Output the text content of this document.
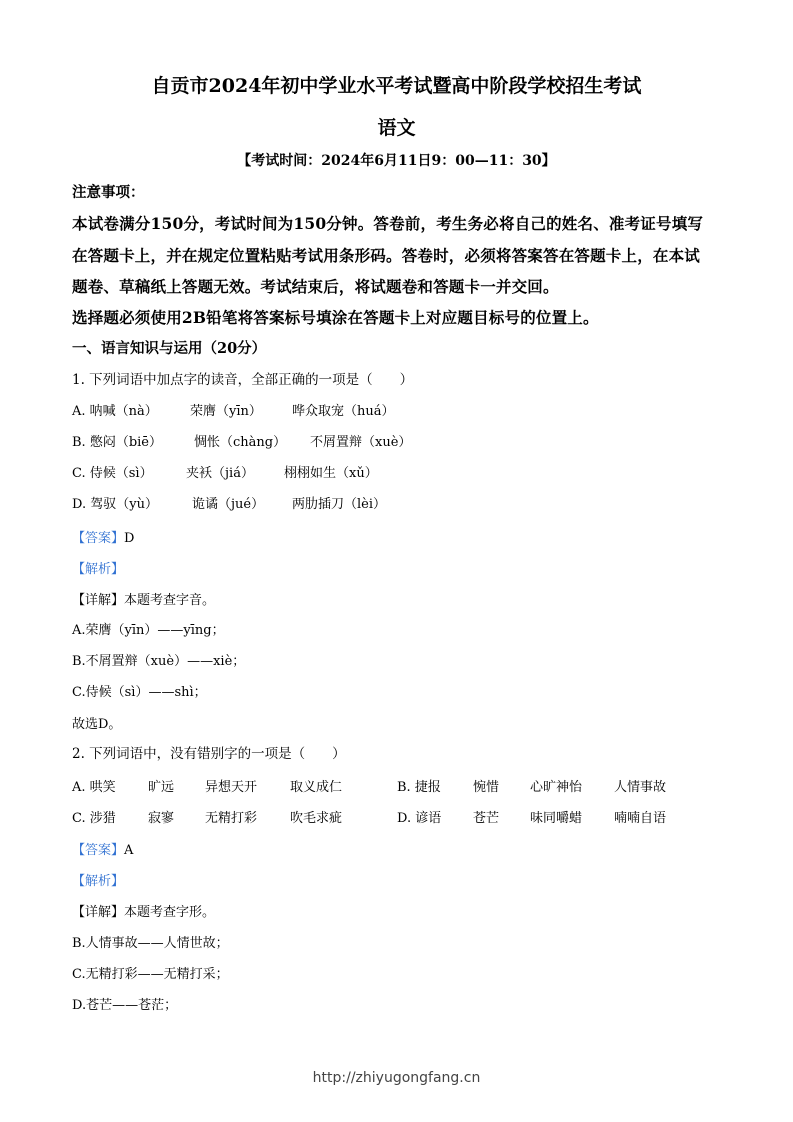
自贡市2024年初中学业水平考试暨高中阶段学校招生考试
语文
【考试时间：2024年6月11日9：00—11：30】
注意事项：
本试卷满分150分，考试时间为150分钟。答卷前，考生务必将自己的姓名、准考证号填写
在答题卡上，并在规定位置粘贴考试用条形码。答卷时，必须将答案答在答题卡上，在本试
题卷、草稿纸上答题无效。考试结束后，将试题卷和答题卡一并交回。
选择题必须使用2B铅笔将答案标号填涂在答题卡上对应题目标号的位置上。
一、语言知识与运用（20分）
1. 下列词语中加点字的读音，全部正确的一项是（　　）
A. 呐喊（nà） 荣膺（yīn） 哗众取宠（huá）
B. 憋闷（biē） 惆怅（chàng） 不屑置辩（xuè）
C. 侍候（sì）	夹袄（jiá） 栩栩如生（xǔ）
D. 驾驭（yù）	诡谲（jué） 两肋插刀（lèi）
【答案】D
【解析】
【详解】本题考查字音。
A.荣膺（yīn）——yīng；
B.不屑置辩（xuè）——xiè；
C.侍候（sì）——shì；
故选D。
2. 下列词语中，没有错别字的一项是（　　）
A. 哄笑 旷远 异想天开	取义成仁	B. 捷报 惋惜 心旷神怡 人情事故
C. 涉猎 寂寥 无精打彩	吹毛求疵	D. 谚语 苍芒 味同嚼蜡 喃喃自语
【答案】A
【解析】
【详解】本题考查字形。
B.人情事故——人情世故；
C.无精打彩——无精打采；
D.苍芒——苍茫；
http://zhiyugongfang.cn
